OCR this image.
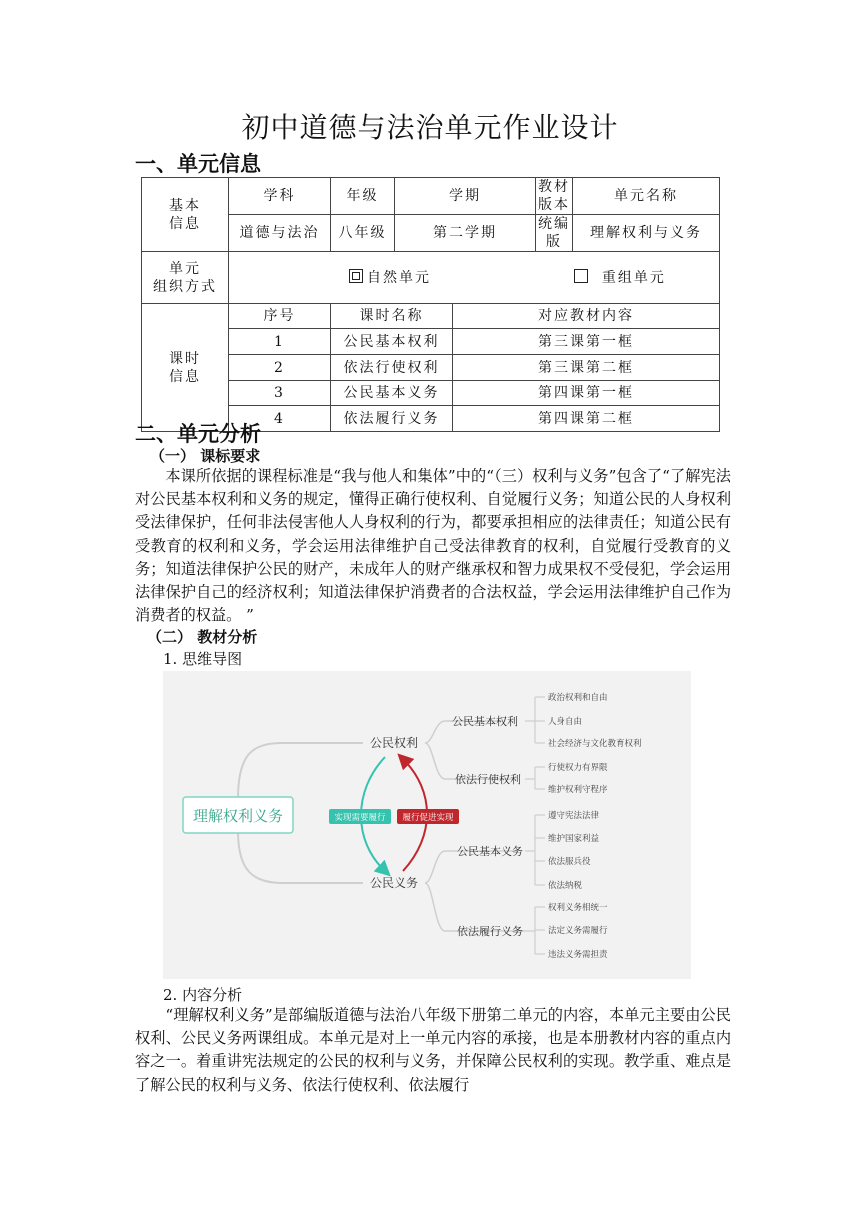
初中道德与法治单元作业设计
一、单元信息
基本
信息	学科	年级	学期		教材版本	单元名称
	道德与法治	八年级	第二学期		统编版	理解权利与义务
单元
组织方式	自然单元 重组单元					
课时
信息	序号	课时名称		对应教材内容		
	1	公民基本权利		第三课第一框		
	2	依法行使权利		第三课第二框		
	3	公民基本义务		第四课第一框		
	4	依法履行义务		第四课第二框		
二、单元分析
（一） 课标要求
本课所依据的课程标准是“我与他人和集体”中的“（三）权利与义务”包含了“了解宪法对公民基本权利和义务的规定，懂得正确行使权利、自觉履行义务；知道公民的人身权利受法律保护，任何非法侵害他人人身权利的行为，都要承担相应的法律责任；知道公民有受教育的权利和义务，学会运用法律维护自己受法律教育的权利，自觉履行受教育的义务；知道法律保护公民的财产，未成年人的财产继承权和智力成果权不受侵犯，学会运用法律保护自己的经济权利；知道法律保护消费者的合法权益，学会运用法律维护自己作为消费者的权益。 ”
（二） 教材分析
1. 思维导图
理解权利义务	实现需要履行 履行促进实现
公民权利
公民义务
公民基本权利
依法行使权利
公民基本义务
依法履行义务
政治权利和自由
人身自由
社会经济与文化教育权利
行使权力有界限
维护权利守程序
遵守宪法法律
维护国家利益
依法服兵役
依法纳税
权利义务相统一
法定义务需履行
违法义务需担责
2. 内容分析
“理解权利义务”是部编版道德与法治八年级下册第二单元的内容，本单元主要由公民权利、公民义务两课组成。本单元是对上一单元内容的承接，也是本册教材内容的重点内容之一。着重讲宪法规定的公民的权利与义务，并保障公民权利的实现。教学重、难点是了解公民的权利与义务、依法行使权利、依法履行
